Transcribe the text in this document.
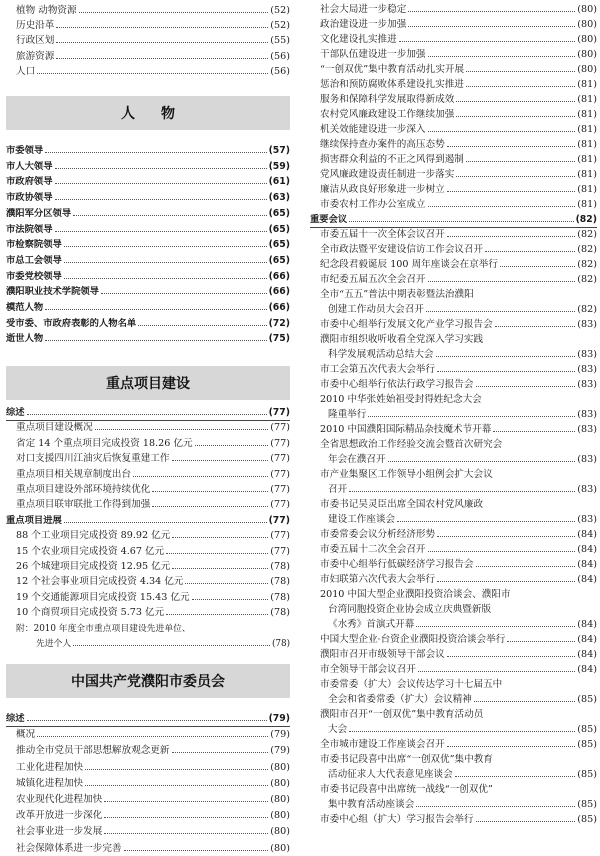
植物 动物资源	(52)
历史沿革	(52)
行政区划	(55)
旅游资源	(56)
人口	(56)
人物
市委领导	(57)
市人大领导	(59)
市政府领导	(61)
市政协领导	(63)
濮阳军分区领导	(65)
市法院领导	(65)
市检察院领导	(65)
市总工会领导	(65)
市委党校领导	(66)
濮阳职业技术学院领导	(66)
模范人物	(66)
受市委、市政府表彰的人物名单	(72)
逝世人物	(75)
重点项目建设
综述	(77)
重点项目建设概况	(77)
省定 14 个重点项目完成投资 18.26 亿元	(77)
对口支援四川江油灾后恢复重建工作	(77)
重点项目相关规章制度出台	(77)
重点项目建设外部环境持续优化	(77)
重点项目联审联批工作得到加强	(77)
重点项目进展	(77)
88 个工业项目完成投资 89.92 亿元	(77)
15 个农业项目完成投资 4.67 亿元	(77)
26 个城建项目完成投资 12.95 亿元	(78)
12 个社会事业项目完成投资 4.34 亿元	(78)
19 个交通能源项目完成投资 15.43 亿元	(78)
10 个商贸项目完成投资 5.73 亿元	(78)
附：2010 年度全市重点项目建设先进单位、
先进个人	(78)
中国共产党濮阳市委员会
综述	(79)
概况	(79)
推动全市党员干部思想解放观念更新	(79)
工业化进程加快	(80)
城镇化进程加快	(80)
农业现代化进程加快	(80)
改革开放进一步深化	(80)
社会事业进一步发展	(80)
社会保障体系进一步完善	(80)
社会大局进一步稳定	(80)
政治建设进一步加强	(80)
文化建设扎实推进	(80)
干部队伍建设进一步加强	(80)
“一创双优”集中教育活动扎实开展	(80)
惩治和预防腐败体系建设扎实推进	(81)
服务和保障科学发展取得新成效	(81)
农村党风廉政建设工作继续加强	(81)
机关效能建设进一步深入	(81)
继续保持查办案件的高压态势	(81)
损害群众利益的不正之风得到遏制	(81)
党风廉政建设责任制进一步落实	(81)
廉洁从政良好形象进一步树立	(81)
市委农村工作办公室成立	(81)
重要会议	(82)
市委五届十一次全体会议召开	(82)
全市政法暨平安建设信访工作会议召开	(82)
纪念段君毅诞辰 100 周年座谈会在京举行	(82)
市纪委五届五次全会召开	(82)
全市“五五”普法中期表彰暨法治濮阳
创建工作动员大会召开	(82)
市委中心组举行发展文化产业学习报告会	(83)
濮阳市组织收听收看全党深入学习实践
科学发展观活动总结大会	(83)
市工会第五次代表大会举行	(83)
市委中心组举行依法行政学习报告会	(83)
2010 中华张姓始祖受封得姓纪念大会
隆重举行	(83)
2010 中国濮阳国际精品杂技魔术节开幕	(83)
全省思想政治工作经验交流会暨首次研究会
年会在濮召开	(83)
市产业集聚区工作领导小组例会扩大会议
召开	(83)
市委书记吴灵臣出席全国农村党风廉政
建设工作座谈会	(83)
市委常委会议分析经济形势	(84)
市委五届十二次全会召开	(84)
市委中心组举行低碳经济学习报告会	(84)
市妇联第六次代表大会举行	(84)
2010 中国大型企业濮阳投资洽谈会、濮阳市
台湾同胞投资企业协会成立庆典暨新版
《水秀》首演式开幕	(84)
中国大型企业·台资企业濮阳投资洽谈会举行	(84)
濮阳市召开市级领导干部会议	(84)
市全领导干部会议召开	(84)
市委常委（扩大）会议传达学习十七届五中
全会和省委常委（扩大）会议精神	(85)
濮阳市召开“一创双优”集中教育活动员
大会	(85)
全市城市建设工作座谈会召开	(85)
市委书记段喜中出席“一创双优”集中教育
活动征求人大代表意见座谈会	(85)
市委书记段喜中出席统一战线“一创双优”
集中教育活动座谈会	(85)
市委中心组（扩大）学习报告会举行	(85)
